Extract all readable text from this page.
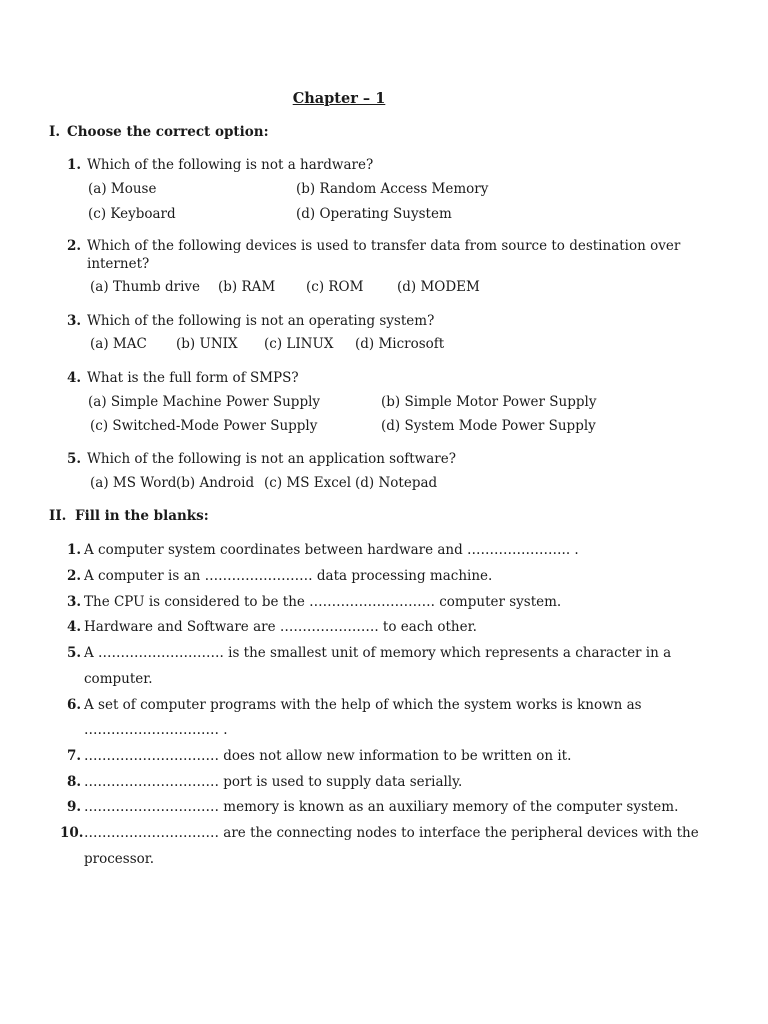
Chapter – 1
I. Choose the correct option:
1. Which of the following is not a hardware?
(a) Mouse	(b) Random Access Memory
(c) Keyboard	(d) Operating Suystem
2. Which of the following devices is used to transfer data from source to destination over
internet?
(a) Thumb drive (b) RAM (c) ROM (d) MODEM
3. Which of the following is not an operating system?
(a) MAC (b) UNIX (c) LINUX (d) Microsoft
4. What is the full form of SMPS?
(a) Simple Machine Power Supply	(b) Simple Motor Power Supply
(c) Switched-Mode Power Supply	(d) System Mode Power Supply
5. Which of the following is not an application software?
(a) MS Word (b) Android (c) MS Excel (d) Notepad
II. Fill in the blanks:
1. A computer system coordinates between hardware and ………………….. .
2. A computer is an …………………… data processing machine.
3. The CPU is considered to be the ………………………. computer system.
4. Hardware and Software are …………………. to each other.
5. A ………………………. is the smallest unit of memory which represents a character in a
computer.
6. A set of computer programs with the help of which the system works is known as
………………………… .
7. ………………………… does not allow new information to be written on it.
8. ………………………… port is used to supply data serially.
9. ………………………… memory is known as an auxiliary memory of the computer system.
10. ………………………… are the connecting nodes to interface the peripheral devices with the
processor.
